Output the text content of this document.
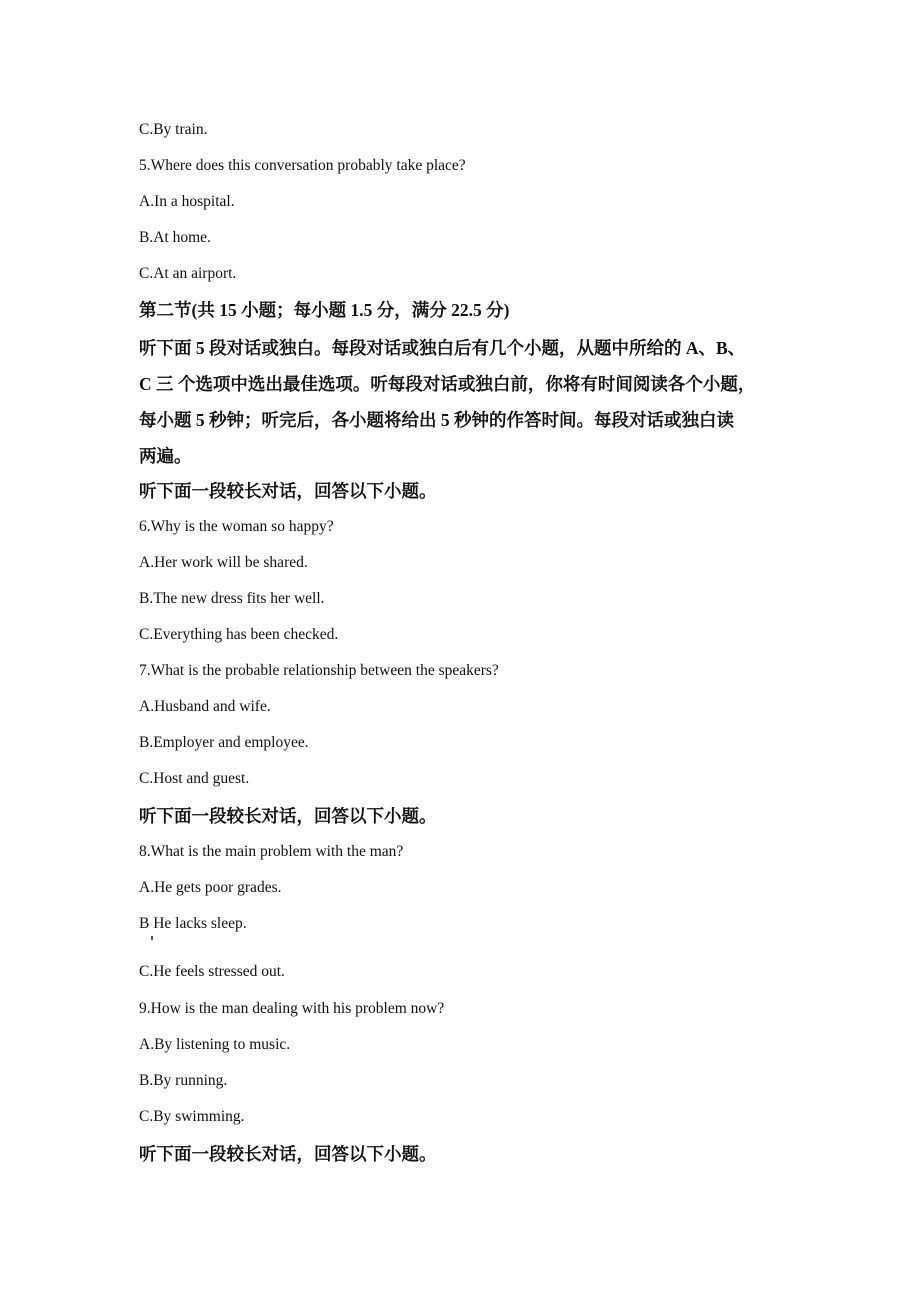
C.By train.
5.Where does this conversation probably take place?
A.In a hospital.
B.At home.
C.At an airport.
第二节(共 15 小题；每小题 1.5 分，满分 22.5 分)
听下面 5 段对话或独白。每段对话或独白后有几个小题，从题中所给的 A、B、
C 三 个选项中选出最佳选项。听每段对话或独白前，你将有时间阅读各个小题，
每小题 5 秒钟；听完后，各小题将给出 5 秒钟的作答时间。每段对话或独白读
两遍。
听下面一段较长对话，回答以下小题。
6.Why is the woman so happy?
A.Her work will be shared.
B.The new dress fits her well.
C.Everything has been checked.
7.What is the probable relationship between the speakers?
A.Husband and wife.
B.Employer and employee.
C.Host and guest.
听下面一段较长对话，回答以下小题。
8.What is the main problem with the man?
A.He gets poor grades.
B He lacks sleep.
C.He feels stressed out.
9.How is the man dealing with his problem now?
A.By listening to music.
B.By running.
C.By swimming.
听下面一段较长对话，回答以下小题。
